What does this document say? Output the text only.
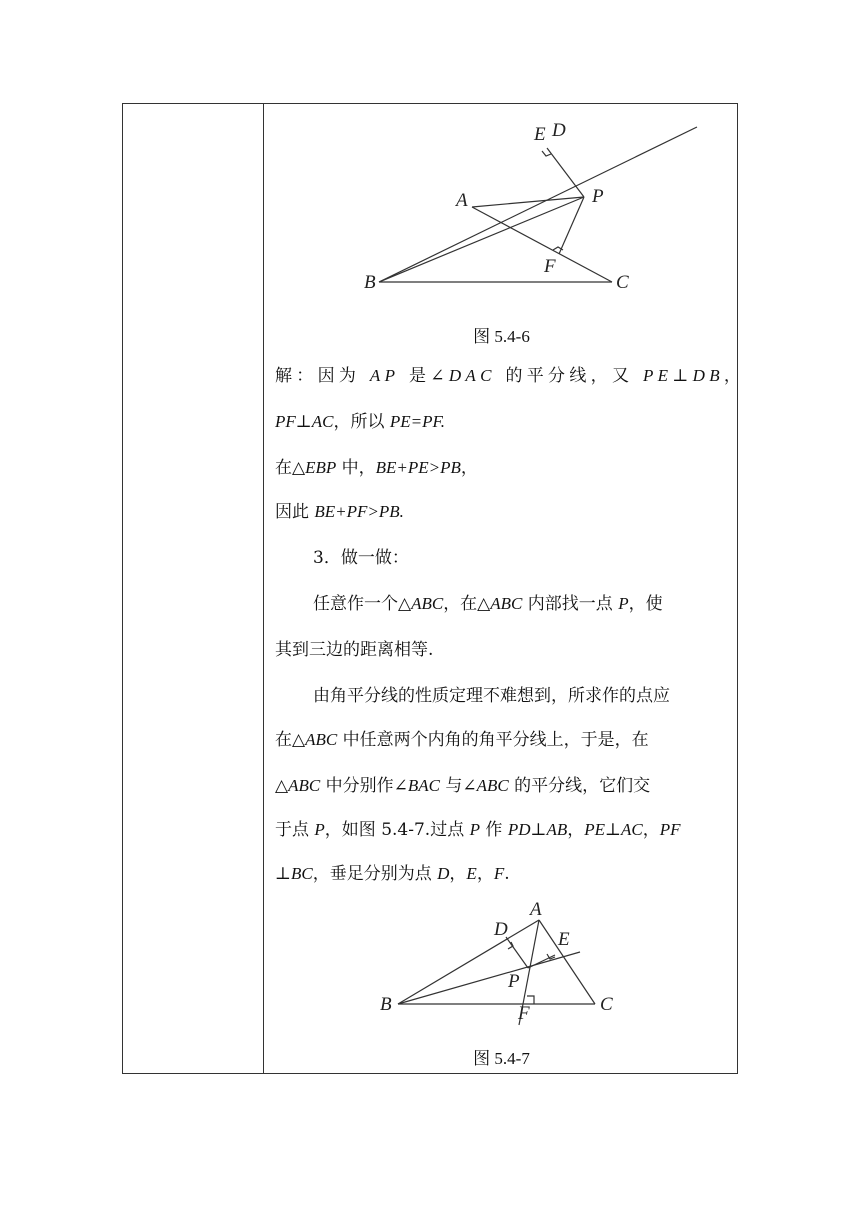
E D
A	P
F
B	C
图 5.4-6
解：因为 AP 是∠DAC 的平分线，又 PE⊥DB，
PF⊥AC，所以 PE=PF.
在△EBP 中，BE+PE>PB，
因此 BE+PF>PB.
3．做一做：
任意作一个△ABC，在△ABC 内部找一点 P，使
其到三边的距离相等.
由角平分线的性质定理不难想到，所求作的点应
在△ABC 中任意两个内角的角平分线上，于是，在
△ABC 中分别作∠BAC 与∠ABC 的平分线，它们交
于点 P，如图 5.4-7.过点 P 作 PD⊥AB，PE⊥AC，PF
⊥BC，垂足分别为点 D，E，F.
A
D	E
P
B	C
F
图 5.4-7
